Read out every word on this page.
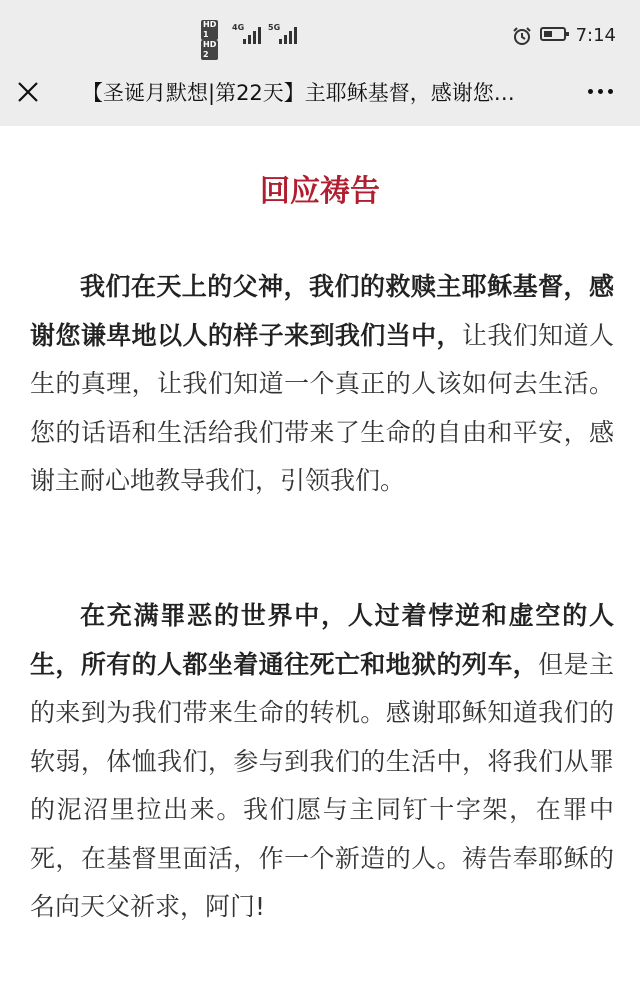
HD 1
HD 2
4G	5G	7:14
【圣诞月默想|第22天】主耶稣基督，感谢您…
回应祷告

我们在天上的父神，我们的救赎主耶稣基督，感谢您谦卑地以人的样子来到我们当中，让我们知道人生的真理，让我们知道一个真正的人该如何去生活。您的话语和生活给我们带来了生命的自由和平安，感谢主耐心地教导我们，引领我们。

在充满罪恶的世界中，人过着悖逆和虚空的人生，所有的人都坐着通往死亡和地狱的列车，但是主的来到为我们带来生命的转机。感谢耶稣知道我们的软弱，体恤我们，参与到我们的生活中，将我们从罪的泥沼里拉出来。我们愿与主同钉十字架，在罪中死，在基督里面活，作一个新造的人。祷告奉耶稣的名向天父祈求，阿门!
